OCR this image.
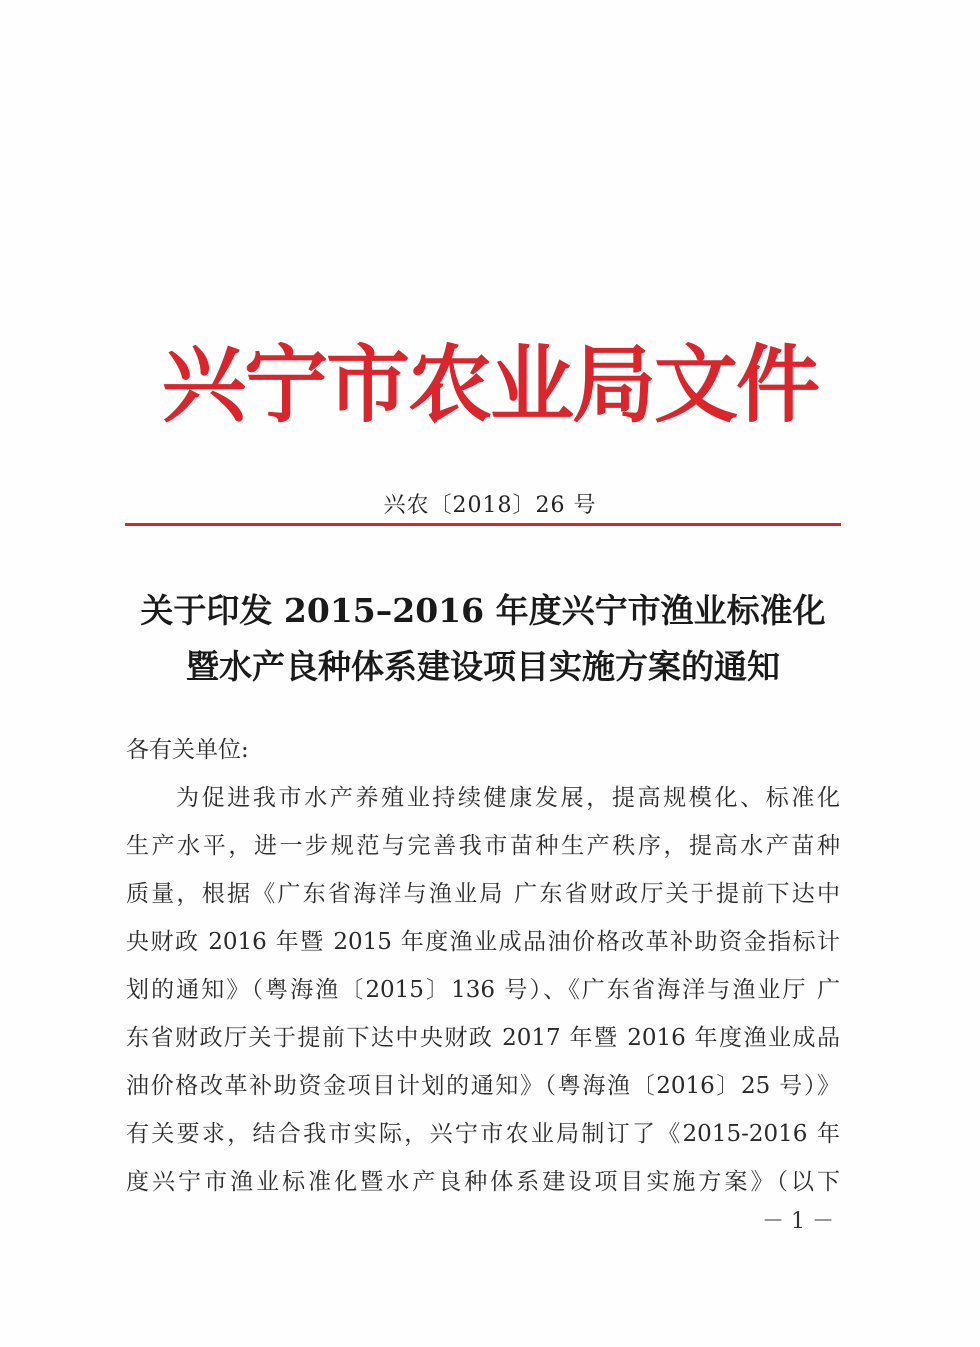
兴宁市农业局文件
兴农〔2018〕26 号
关于印发 2015–2016 年度兴宁市渔业标准化
暨水产良种体系建设项目实施方案的通知
各有关单位:
为促进我市水产养殖业持续健康发展，提高规模化、标准化
生产水平，进一步规范与完善我市苗种生产秩序，提高水产苗种
质量，根据《广东省海洋与渔业局 广东省财政厅关于提前下达中
央财政 2016 年暨 2015 年度渔业成品油价格改革补助资金指标计
划的通知》（粤海渔〔2015〕136 号）、《广东省海洋与渔业厅 广
东省财政厅关于提前下达中央财政 2017 年暨 2016 年度渔业成品
油价格改革补助资金项目计划的通知》（粤海渔〔2016〕25 号）》
有关要求，结合我市实际，兴宁市农业局制订了《2015-2016 年
度兴宁市渔业标准化暨水产良种体系建设项目实施方案》（以下
－ 1 －
